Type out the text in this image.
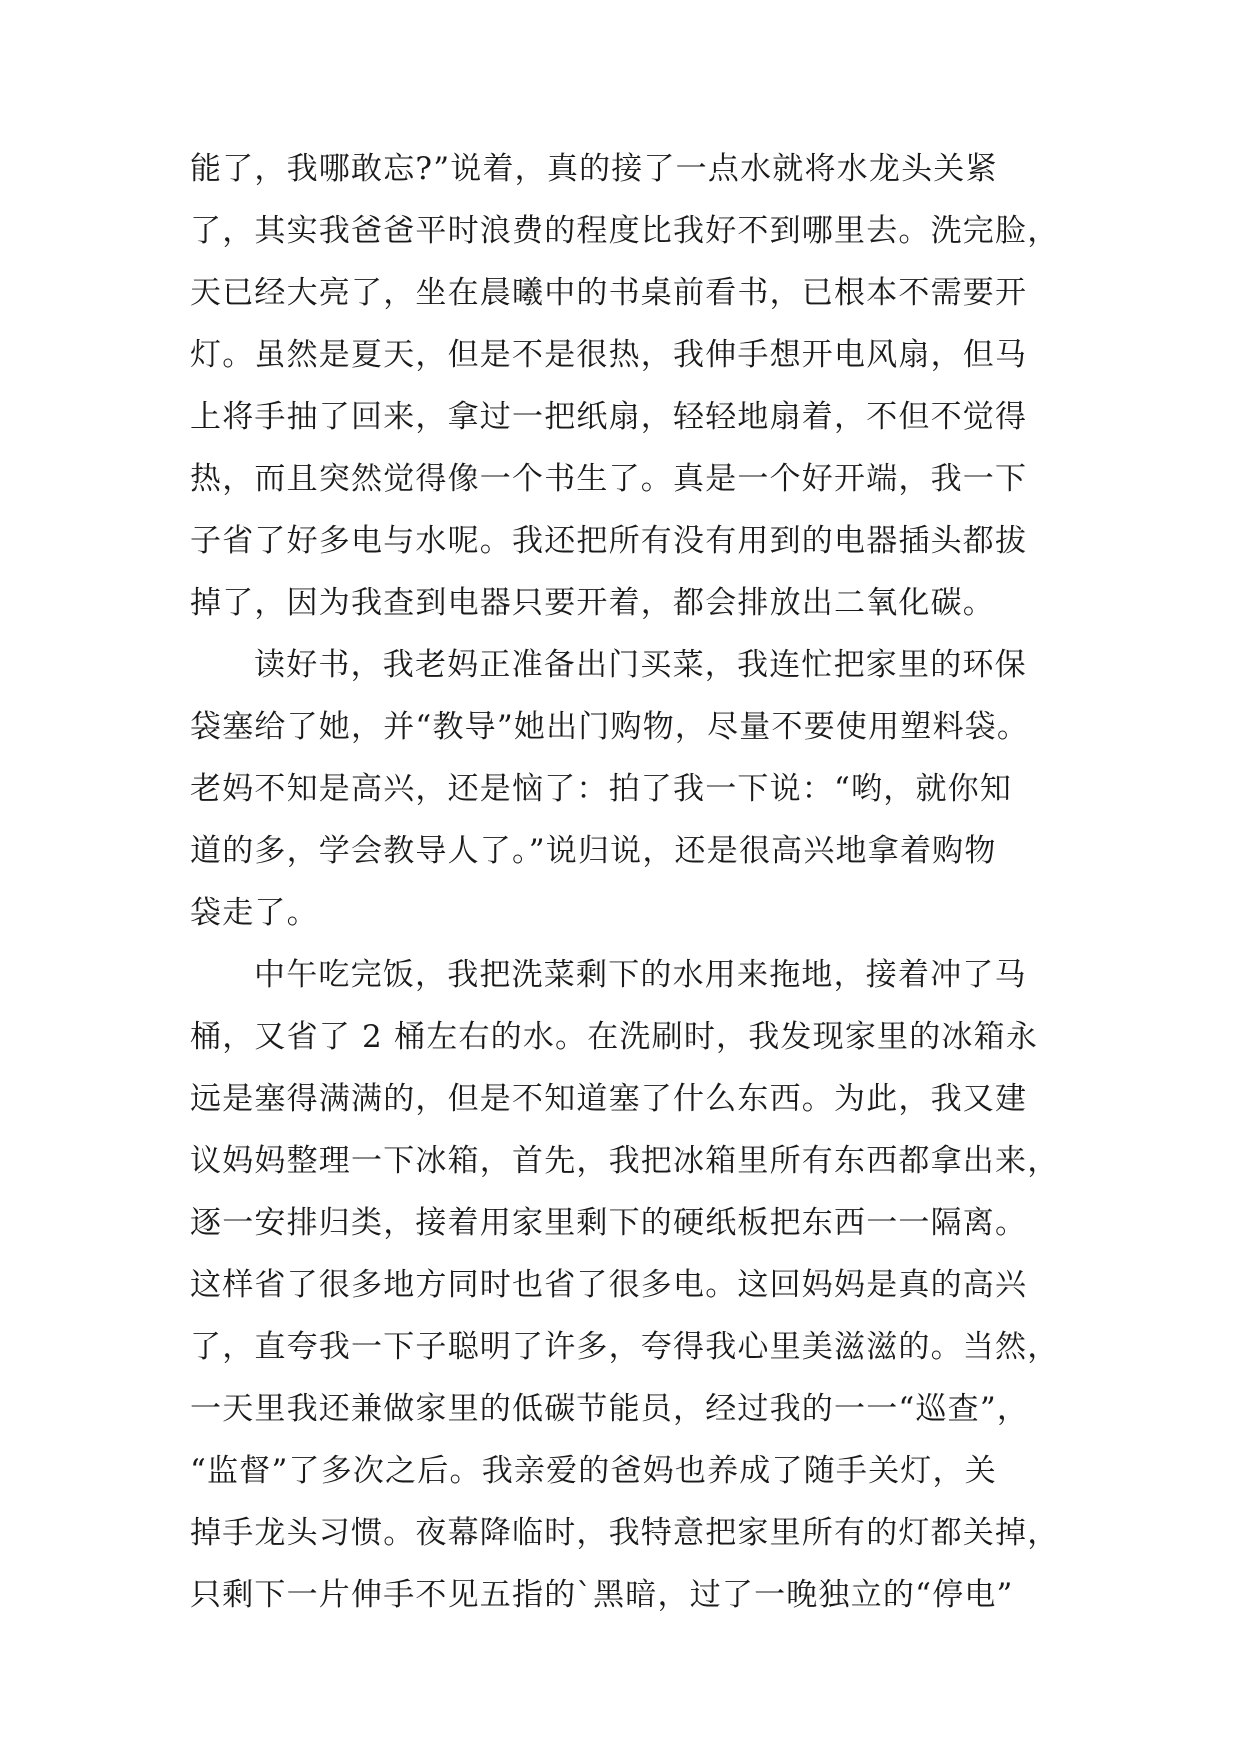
能了，我哪敢忘?”说着，真的接了一点水就将水龙头关紧
了，其实我爸爸平时浪费的程度比我好不到哪里去。洗完脸，
天已经大亮了，坐在晨曦中的书桌前看书，已根本不需要开
灯。虽然是夏天，但是不是很热，我伸手想开电风扇，但马
上将手抽了回来，拿过一把纸扇，轻轻地扇着，不但不觉得
热，而且突然觉得像一个书生了。真是一个好开端，我一下
子省了好多电与水呢。我还把所有没有用到的电器插头都拔
掉了，因为我查到电器只要开着，都会排放出二氧化碳。
读好书，我老妈正准备出门买菜，我连忙把家里的环保
袋塞给了她，并“教导”她出门购物，尽量不要使用塑料袋。
老妈不知是高兴，还是恼了：拍了我一下说：“哟，就你知
道的多，学会教导人了。”说归说，还是很高兴地拿着购物
袋走了。
中午吃完饭，我把洗菜剩下的水用来拖地，接着冲了马
桶，又省了 2 桶左右的水。在洗刷时，我发现家里的冰箱永
远是塞得满满的，但是不知道塞了什么东西。为此，我又建
议妈妈整理一下冰箱，首先，我把冰箱里所有东西都拿出来，
逐一安排归类，接着用家里剩下的硬纸板把东西一一隔离。
这样省了很多地方同时也省了很多电。这回妈妈是真的高兴
了，直夸我一下子聪明了许多，夸得我心里美滋滋的。当然，
一天里我还兼做家里的低碳节能员，经过我的一一“巡查”，
“监督”了多次之后。我亲爱的爸妈也养成了随手关灯，关
掉手龙头习惯。夜幕降临时，我特意把家里所有的灯都关掉，
只剩下一片伸手不见五指的`黑暗，过了一晚独立的“停电”
